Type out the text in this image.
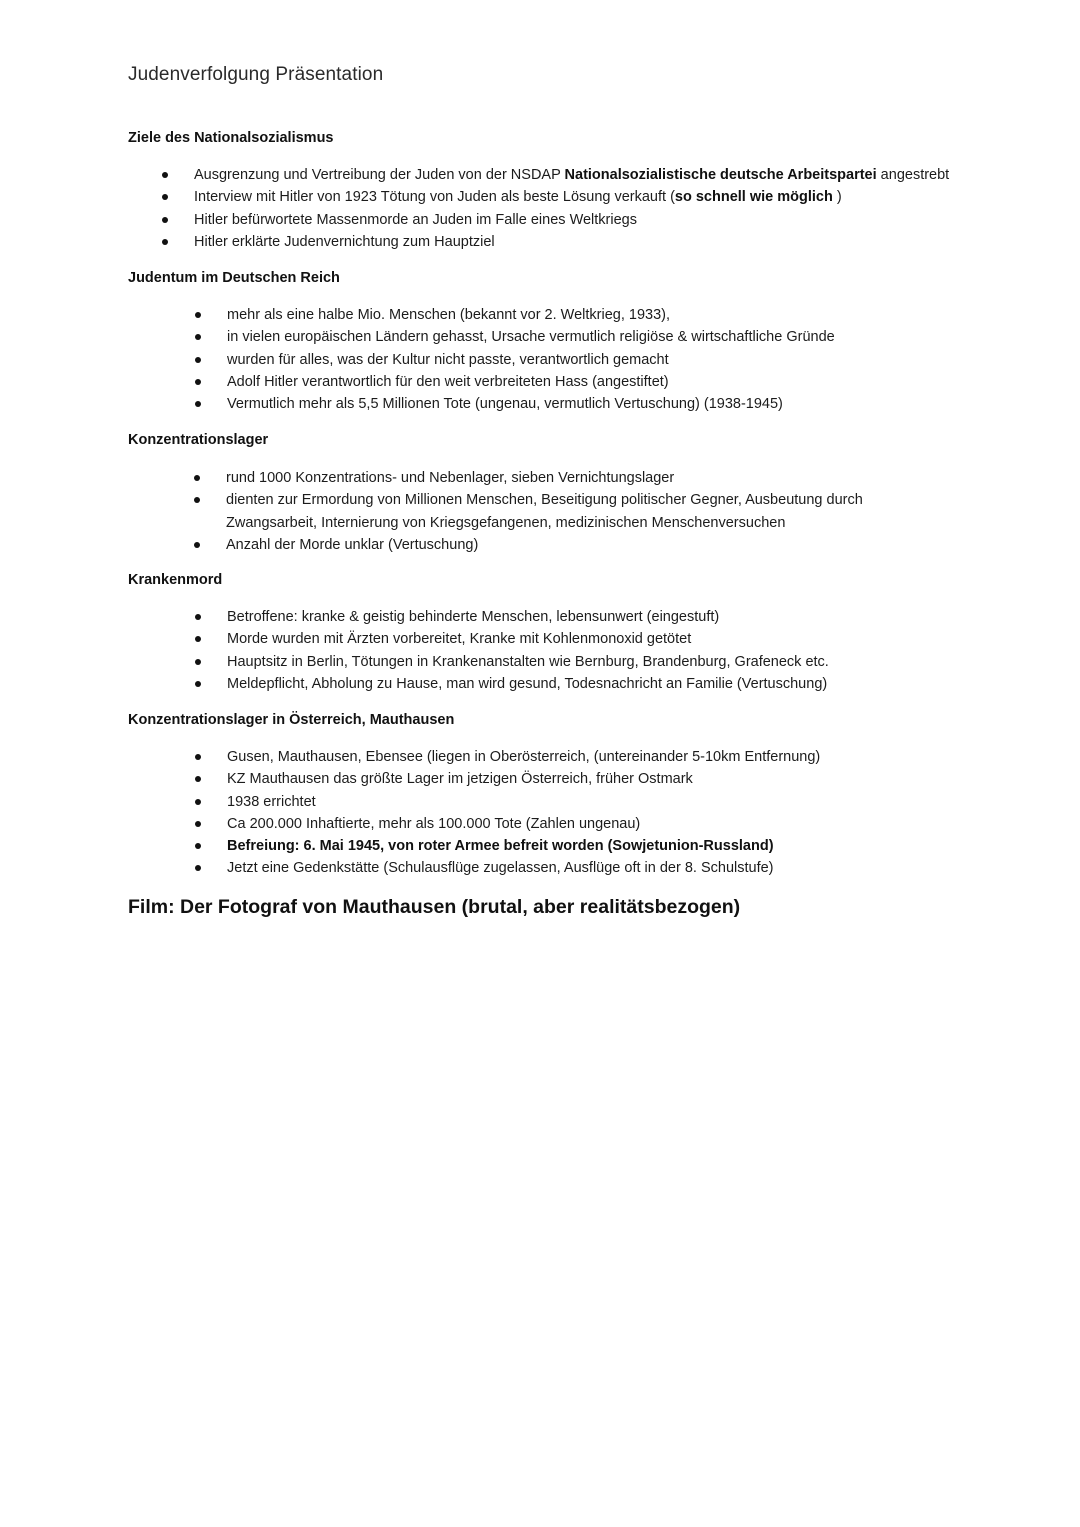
Judenverfolgung Präsentation
Ziele des Nationalsozialismus
Ausgrenzung und Vertreibung der Juden von der NSDAP Nationalsozialistische deutsche Arbeitspartei angestrebt
Interview mit Hitler von 1923 Tötung von Juden als beste Lösung verkauft (so schnell wie möglich )
Hitler befürwortete Massenmorde an Juden im Falle eines Weltkriegs
Hitler erklärte Judenvernichtung zum Hauptziel
Judentum im Deutschen Reich
mehr als eine halbe Mio. Menschen (bekannt vor 2. Weltkrieg, 1933),
in vielen europäischen Ländern gehasst, Ursache vermutlich religiöse & wirtschaftliche Gründe
wurden für alles, was der Kultur nicht passte, verantwortlich gemacht
Adolf Hitler verantwortlich für den weit verbreiteten Hass (angestiftet)
Vermutlich mehr als 5,5 Millionen Tote (ungenau, vermutlich Vertuschung) (1938-1945)
Konzentrationslager
rund 1000 Konzentrations- und Nebenlager, sieben Vernichtungslager
dienten zur Ermordung von Millionen Menschen, Beseitigung politischer Gegner, Ausbeutung durch Zwangsarbeit, Internierung von Kriegsgefangenen, medizinischen Menschenversuchen
Anzahl der Morde unklar (Vertuschung)
Krankenmord
Betroffene: kranke & geistig behinderte Menschen, lebensunwert (eingestuft)
Morde wurden mit Ärzten vorbereitet, Kranke mit Kohlenmonoxid getötet
Hauptsitz in Berlin, Tötungen in Krankenanstalten wie Bernburg, Brandenburg, Grafeneck etc.
Meldepflicht, Abholung zu Hause, man wird gesund, Todesnachricht an Familie (Vertuschung)
Konzentrationslager in Österreich, Mauthausen
Gusen, Mauthausen, Ebensee (liegen in Oberösterreich, (untereinander 5-10km Entfernung)
KZ Mauthausen das größte Lager im jetzigen Österreich, früher Ostmark
1938 errichtet
Ca 200.000 Inhaftierte, mehr als 100.000 Tote (Zahlen ungenau)
Befreiung: 6. Mai 1945, von roter Armee befreit worden (Sowjetunion-Russland)
Jetzt eine Gedenkstätte (Schulausflüge zugelassen, Ausflüge oft in der 8. Schulstufe)
Film: Der Fotograf von Mauthausen (brutal, aber realitätsbezogen)
